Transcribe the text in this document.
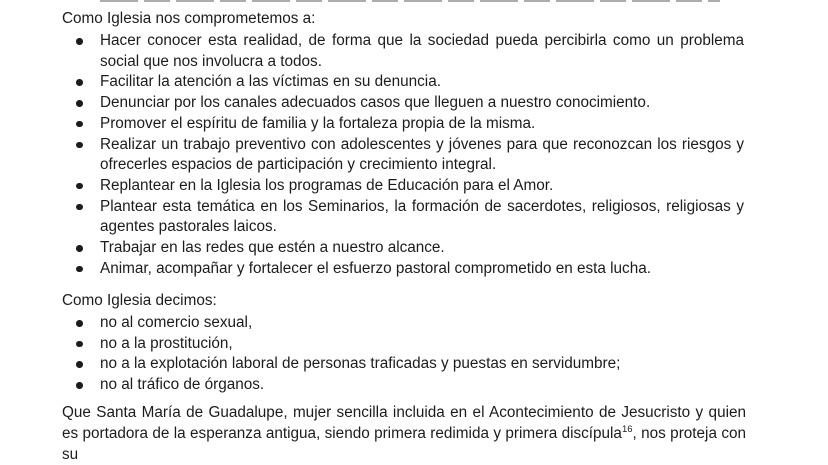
Como Iglesia nos comprometemos a:

Hacer conocer esta realidad, de forma que la sociedad pueda percibirla como un problema social que nos involucra a todos.
Facilitar la atención a las víctimas en su denuncia.
Denunciar por los canales adecuados casos que lleguen a nuestro conocimiento.
Promover el espíritu de familia y la fortaleza propia de la misma.
Realizar un trabajo preventivo con adolescentes y jóvenes para que reconozcan los riesgos y ofrecerles espacios de participación y crecimiento integral.
Replantear en la Iglesia los programas de Educación para el Amor.
Plantear esta temática en los Seminarios, la formación de sacerdotes, religiosos, religiosas y agentes pastorales laicos.
Trabajar en las redes que estén a nuestro alcance.
Animar, acompañar y fortalecer el esfuerzo pastoral comprometido en esta lucha.

Como Iglesia decimos:

no al comercio sexual,
no a la prostitución,
no a la explotación laboral de personas traficadas y puestas en servidumbre;
no al tráfico de órganos.

Que Santa María de Guadalupe, mujer sencilla incluida en el Acontecimiento de Jesucristo y quien es portadora de la esperanza antigua, siendo primera redimida y primera discípula$^{16}$, nos proteja con su
